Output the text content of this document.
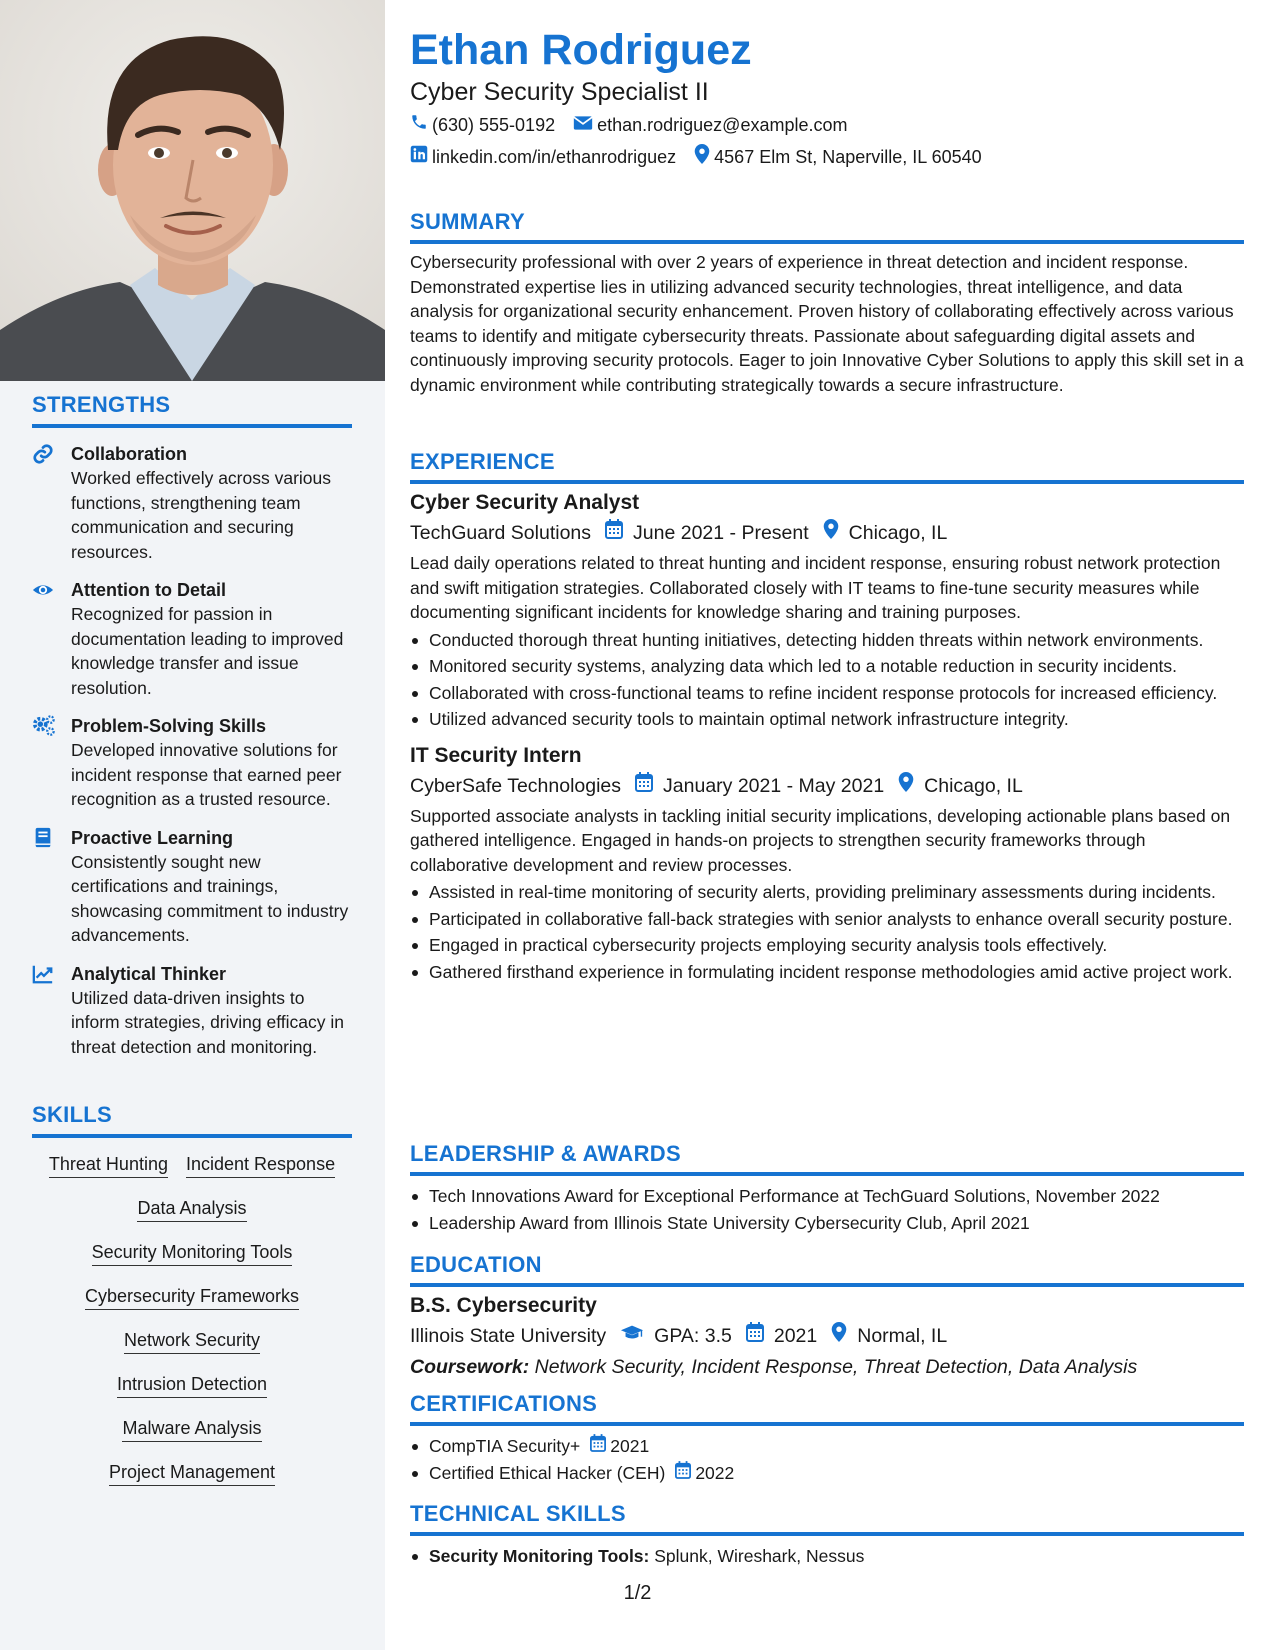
STRENGTHS
Collaboration
Worked effectively across various functions, strengthening team communication and securing resources.
Attention to Detail
Recognized for passion in documentation leading to improved knowledge transfer and issue resolution.
Problem-Solving Skills
Developed innovative solutions for incident response that earned peer recognition as a trusted resource.
Proactive Learning
Consistently sought new certifications and trainings, showcasing commitment to industry advancements.
Analytical Thinker
Utilized data-driven insights to inform strategies, driving efficacy in threat detection and monitoring.
SKILLS
Threat Hunting Incident Response
Data Analysis
Security Monitoring Tools
Cybersecurity Frameworks
Network Security
Intrusion Detection
Malware Analysis
Project Management
Ethan Rodriguez
Cyber Security Specialist II
(630) 555-0192 ethan.rodriguez@example.com
linkedin.com/in/ethanrodriguez 4567 Elm St, Naperville, IL 60540
SUMMARY
Cybersecurity professional with over 2 years of experience in threat detection and incident response. Demonstrated expertise lies in utilizing advanced security technologies, threat intelligence, and data analysis for organizational security enhancement. Proven history of collaborating effectively across various teams to identify and mitigate cybersecurity threats. Passionate about safeguarding digital assets and continuously improving security protocols. Eager to join Innovative Cyber Solutions to apply this skill set in a dynamic environment while contributing strategically towards a secure infrastructure.
EXPERIENCE
Cyber Security Analyst
TechGuard Solutions June 2021 - Present Chicago, IL
Lead daily operations related to threat hunting and incident response, ensuring robust network protection and swift mitigation strategies. Collaborated closely with IT teams to fine-tune security measures while documenting significant incidents for knowledge sharing and training purposes.
Conducted thorough threat hunting initiatives, detecting hidden threats within network environments.
Monitored security systems, analyzing data which led to a notable reduction in security incidents.
Collaborated with cross-functional teams to refine incident response protocols for increased efficiency.
Utilized advanced security tools to maintain optimal network infrastructure integrity.
IT Security Intern
CyberSafe Technologies January 2021 - May 2021 Chicago, IL
Supported associate analysts in tackling initial security implications, developing actionable plans based on gathered intelligence. Engaged in hands-on projects to strengthen security frameworks through collaborative development and review processes.
Assisted in real-time monitoring of security alerts, providing preliminary assessments during incidents.
Participated in collaborative fall-back strategies with senior analysts to enhance overall security posture.
Engaged in practical cybersecurity projects employing security analysis tools effectively.
Gathered firsthand experience in formulating incident response methodologies amid active project work.
LEADERSHIP & AWARDS
Tech Innovations Award for Exceptional Performance at TechGuard Solutions, November 2022
Leadership Award from Illinois State University Cybersecurity Club, April 2021
EDUCATION
B.S. Cybersecurity
Illinois State University GPA: 3.5 2021 Normal, IL
Coursework: Network Security, Incident Response, Threat Detection, Data Analysis
CERTIFICATIONS
CompTIA Security+ 2021
Certified Ethical Hacker (CEH) 2022
TECHNICAL SKILLS
Security Monitoring Tools: Splunk, Wireshark, Nessus
1/2
